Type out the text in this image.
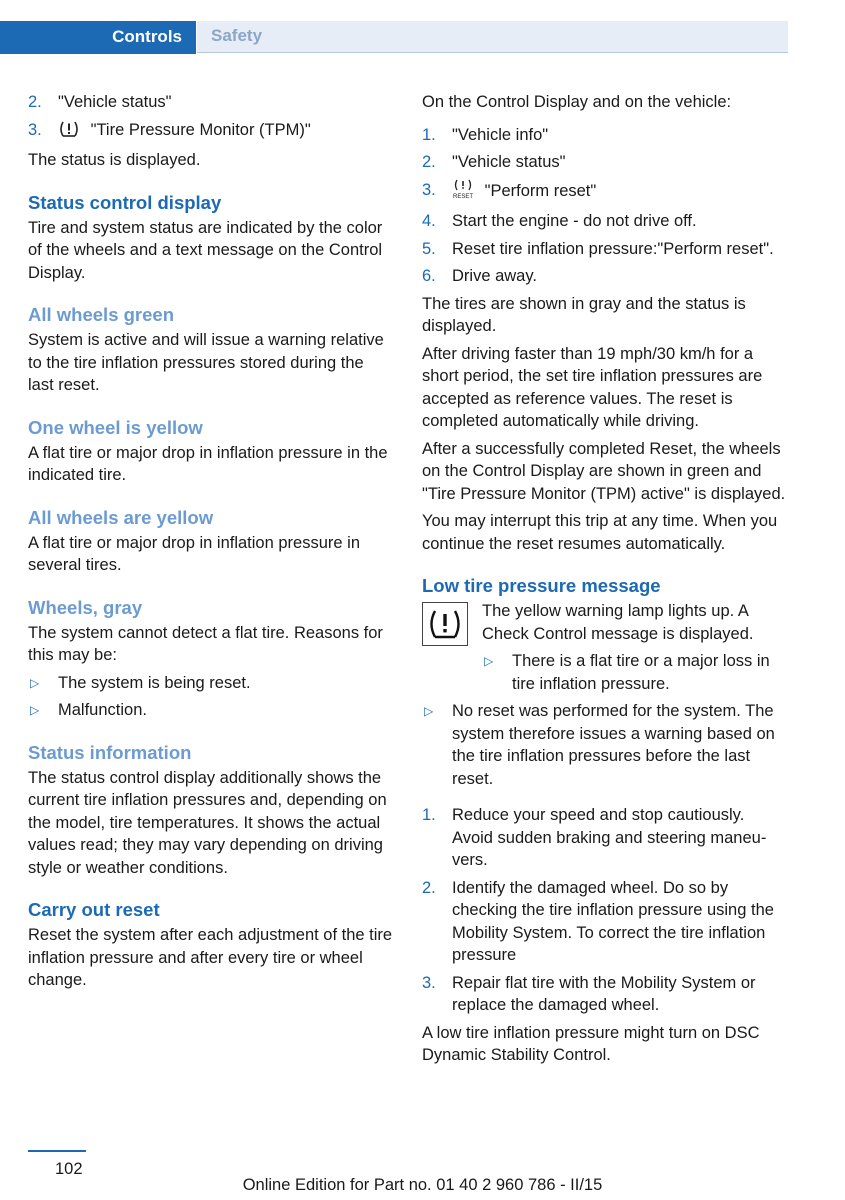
Controls	Safety
2. "Vehicle status"
3.	"Tire Pressure Monitor (TPM)"

The status is displayed.

Status control display

Tire and system status are indicated by the color of the wheels and a text message on the Control Display.

All wheels green

System is active and will issue a warning relative to the tire inflation pressures stored during the last reset.

One wheel is yellow

A flat tire or major drop in inflation pressure in the indicated tire.

All wheels are yellow

A flat tire or major drop in inflation pressure in several tires.

Wheels, gray

The system cannot detect a flat tire. Reasons for this may be:

▷ The system is being reset.
▷ Malfunction.
Status information

The status control display additionally shows the current tire inflation pressures and, depending on the model, tire temperatures. It shows the actual values read; they may vary depending on driving style or weather conditions.

Carry out reset

Reset the system after each adjustment of the tire inflation pressure and after every tire or wheel change.

On the Control Display and on the vehicle:

1. "Vehicle info"
2. "Vehicle status"
3.	RESET "Perform reset"
4. Start the engine - do not drive off.
5. Reset tire inflation pressure:"Perform reset".
6. Drive away.

The tires are shown in gray and the status is displayed.

After driving faster than 19 mph/30 km/h for a short period, the set tire inflation pressures are accepted as reference values. The reset is completed automatically while driving.

After a successfully completed Reset, the wheels on the Control Display are shown in green and "Tire Pressure Monitor (TPM) active" is displayed.

You may interrupt this trip at any time. When you continue the reset resumes automatically.

Low tire pressure message

The yellow warning lamp lights up. A Check Control message is displayed.

▷ There is a flat tire or a major loss in tire inflation pressure.
▷ No reset was performed for the system. The system therefore issues a warning based on the tire inflation pressures before the last reset.
1. Reduce your speed and stop cautiously. Avoid sudden braking and steering maneuvers.
2. Identify the damaged wheel. Do so by checking the tire inflation pressure using the Mobility System. To correct the tire inflation pressure
3. Repair flat tire with the Mobility System or replace the damaged wheel.

A low tire inflation pressure might turn on DSC Dynamic Stability Control.

102
Online Edition for Part no. 01 40 2 960 786 - II/15
